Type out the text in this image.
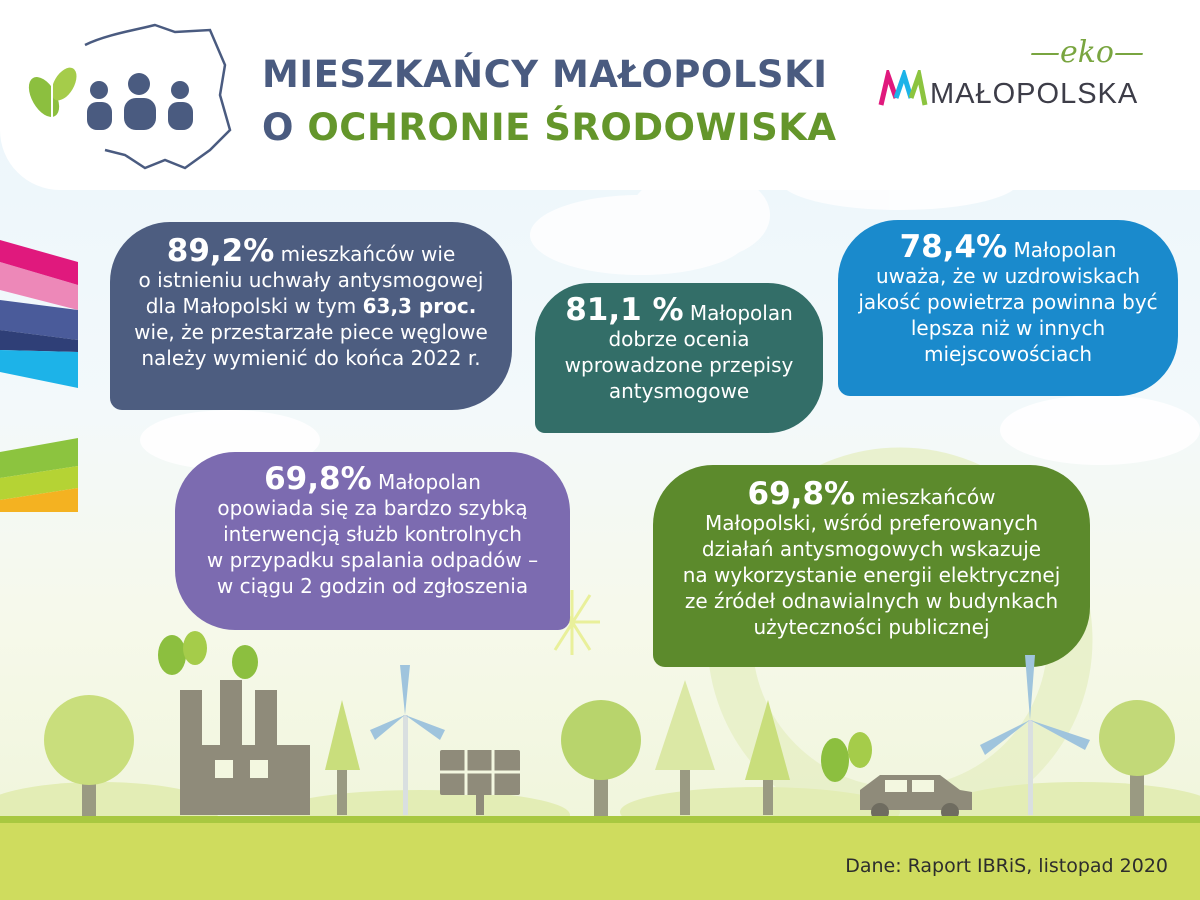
MIESZKAŃCY MAŁOPOLSKI
O OCHRONIE ŚRODOWISKA
—eko—
MAŁOPOLSKA
89,2% mieszkańców wie
o istnieniu uchwały antysmogowej
dla Małopolski w tym 63,3 proc.
wie, że przestarzałe piece węglowe
należy wymienić do końca 2022 r.
81,1 % Małopolan
dobrze ocenia
wprowadzone przepisy
antysmogowe
78,4% Małopolan
uważa, że w uzdrowiskach
jakość powietrza powinna być
lepsza niż w innych
miejscowościach
69,8% Małopolan
opowiada się za bardzo szybką
interwencją służb kontrolnych
w przypadku spalania odpadów –
w ciągu 2 godzin od zgłoszenia
69,8% mieszkańców
Małopolski, wśród preferowanych
działań antysmogowych wskazuje
na wykorzystanie energii elektrycznej
ze źródeł odnawialnych w budynkach
użyteczności publicznej
Dane: Raport IBRiS, listopad 2020
